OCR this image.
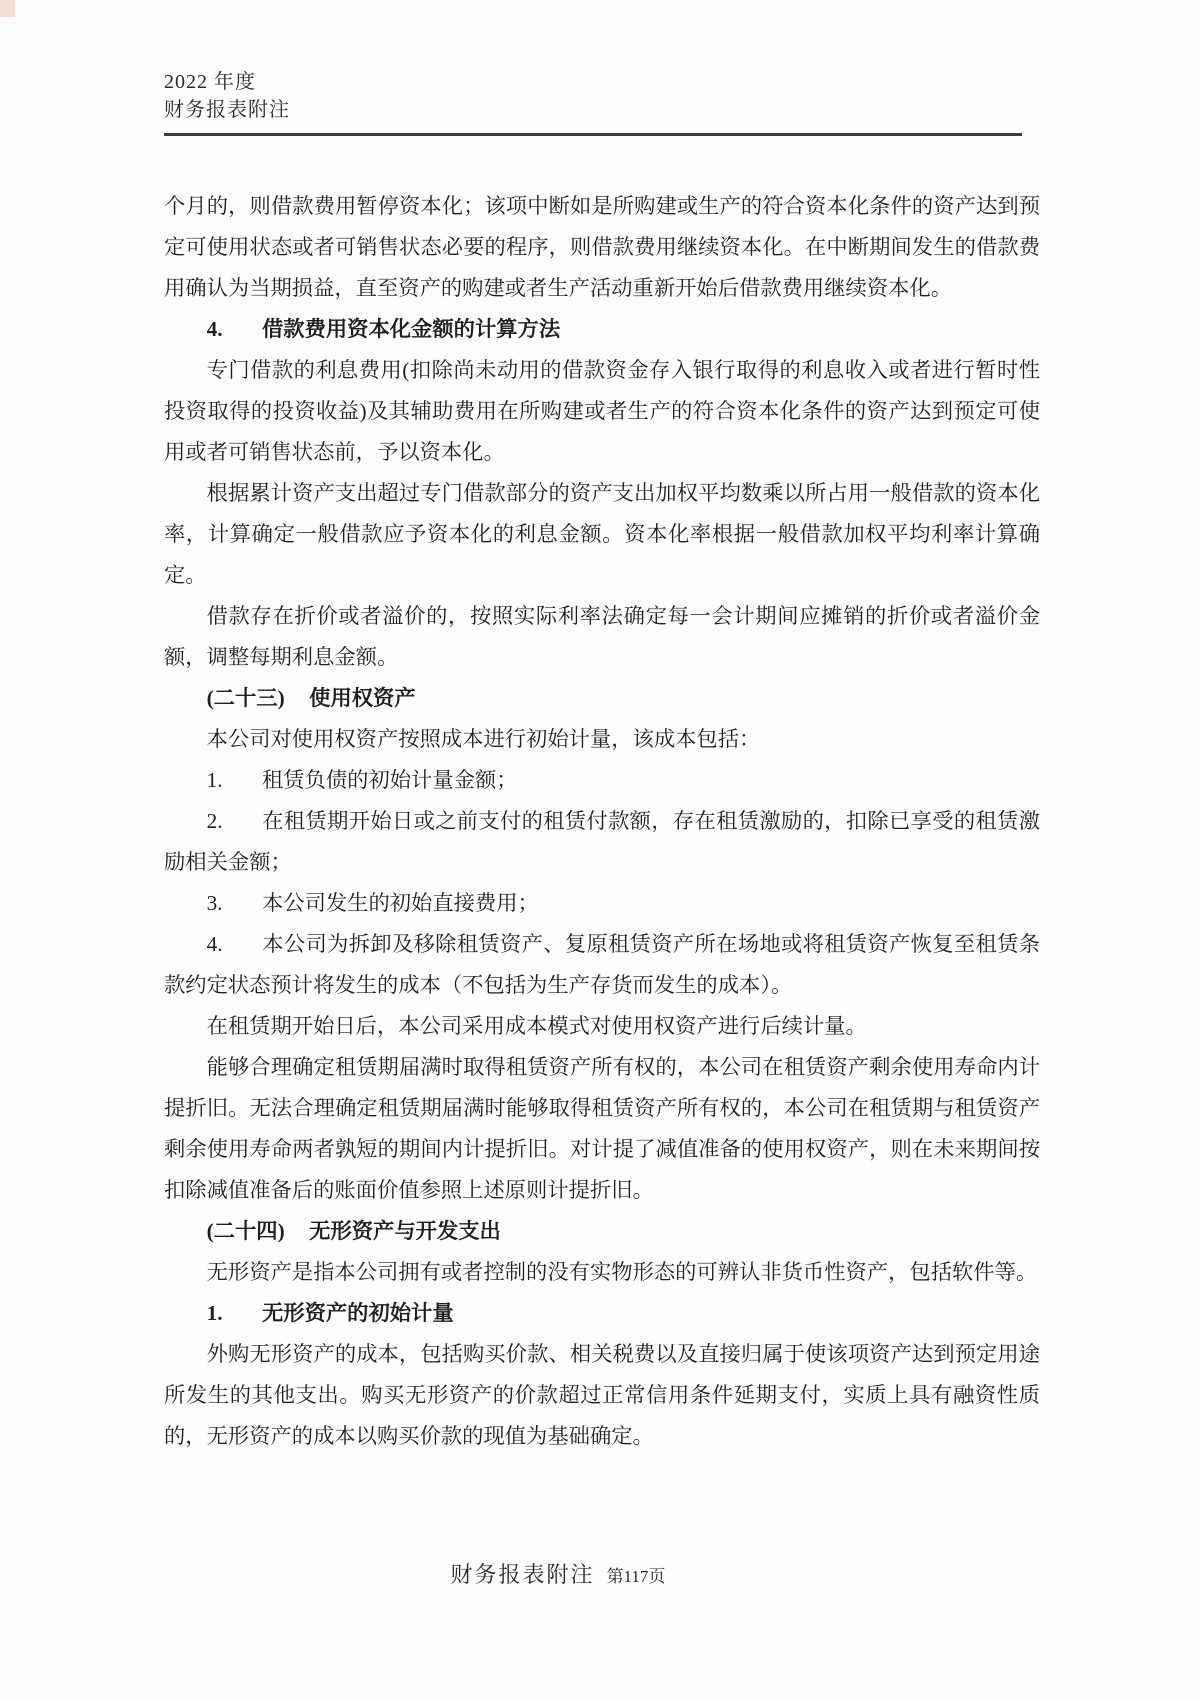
2022 年度
财务报表附注

个月的，则借款费用暂停资本化；该项中断如是所购建或生产的符合资本化条件的资产达到预定可使用状态或者可销售状态必要的程序，则借款费用继续资本化。在中断期间发生的借款费用确认为当期损益，直至资产的购建或者生产活动重新开始后借款费用继续资本化。

4. 借款费用资本化金额的计算方法

专门借款的利息费用(扣除尚未动用的借款资金存入银行取得的利息收入或者进行暂时性投资取得的投资收益)及其辅助费用在所购建或者生产的符合资本化条件的资产达到预定可使用或者可销售状态前，予以资本化。

根据累计资产支出超过专门借款部分的资产支出加权平均数乘以所占用一般借款的资本化率，计算确定一般借款应予资本化的利息金额。资本化率根据一般借款加权平均利率计算确定。

借款存在折价或者溢价的，按照实际利率法确定每一会计期间应摊销的折价或者溢价金额，调整每期利息金额。

(二十三) 使用权资产

本公司对使用权资产按照成本进行初始计量，该成本包括：

1. 租赁负债的初始计量金额；

2. 在租赁期开始日或之前支付的租赁付款额，存在租赁激励的，扣除已享受的租赁激励相关金额；

3. 本公司发生的初始直接费用；

4. 本公司为拆卸及移除租赁资产、复原租赁资产所在场地或将租赁资产恢复至租赁条款约定状态预计将发生的成本（不包括为生产存货而发生的成本）。

在租赁期开始日后，本公司采用成本模式对使用权资产进行后续计量。

能够合理确定租赁期届满时取得租赁资产所有权的，本公司在租赁资产剩余使用寿命内计提折旧。无法合理确定租赁期届满时能够取得租赁资产所有权的，本公司在租赁期与租赁资产剩余使用寿命两者孰短的期间内计提折旧。对计提了减值准备的使用权资产，则在未来期间按扣除减值准备后的账面价值参照上述原则计提折旧。

(二十四) 无形资产与开发支出

无形资产是指本公司拥有或者控制的没有实物形态的可辨认非货币性资产，包括软件等。

1. 无形资产的初始计量

外购无形资产的成本，包括购买价款、相关税费以及直接归属于使该项资产达到预定用途所发生的其他支出。购买无形资产的价款超过正常信用条件延期支付，实质上具有融资性质的，无形资产的成本以购买价款的现值为基础确定。

财务报表附注 第117页
